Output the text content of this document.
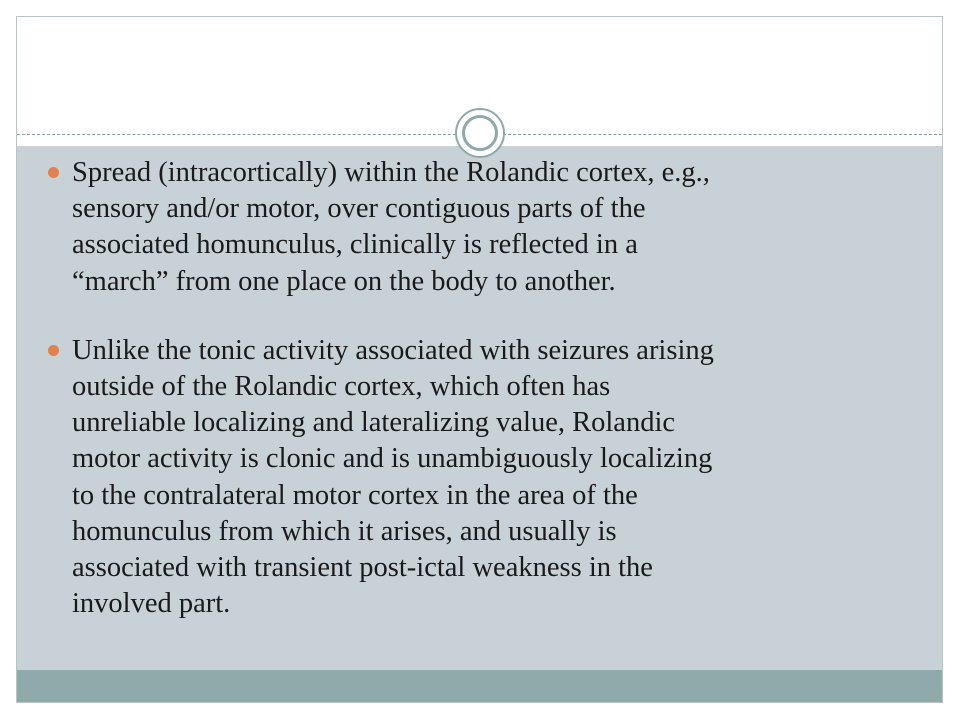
Spread (intracortically) within the Rolandic cortex, e.g.,
sensory and/or motor, over contiguous parts of the
associated homunculus, clinically is reflected in a
“march” from one place on the body to another.
Unlike the tonic activity associated with seizures arising
outside of the Rolandic cortex, which often has
unreliable localizing and lateralizing value, Rolandic
motor activity is clonic and is unambiguously localizing
to the contralateral motor cortex in the area of the
homunculus from which it arises, and usually is
associated with transient post-ictal weakness in the
involved part.
